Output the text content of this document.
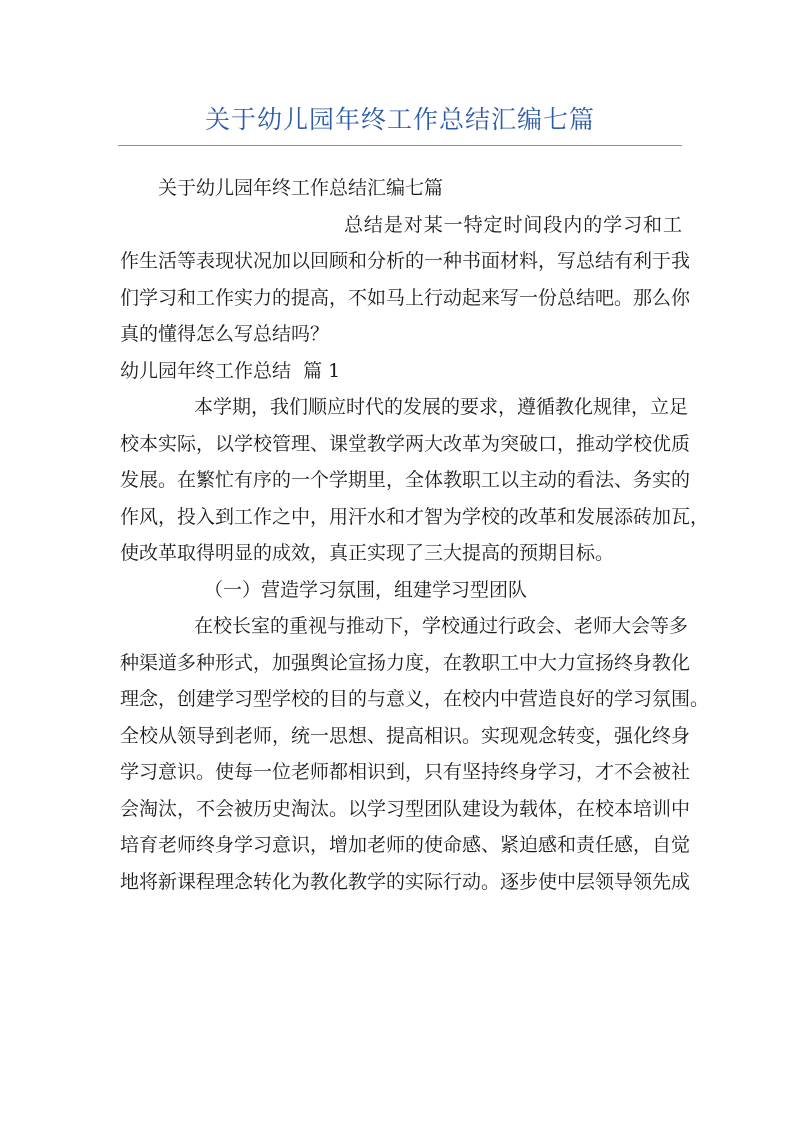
关于幼儿园年终工作总结汇编七篇
关于幼儿园年终工作总结汇编七篇
总结是对某一特定时间段内的学习和工
作生活等表现状况加以回顾和分析的一种书面材料，写总结有利于我
们学习和工作实力的提高，不如马上行动起来写一份总结吧。那么你
真的懂得怎么写总结吗？
幼儿园年终工作总结  篇 1
本学期，我们顺应时代的发展的要求，遵循教化规律，立足
校本实际，以学校管理、课堂教学两大改革为突破口，推动学校优质
发展。在繁忙有序的一个学期里，全体教职工以主动的看法、务实的
作风，投入到工作之中，用汗水和才智为学校的改革和发展添砖加瓦，
使改革取得明显的成效，真正实现了三大提高的预期目标。
（一）营造学习氛围，组建学习型团队
在校长室的重视与推动下，学校通过行政会、老师大会等多
种渠道多种形式，加强舆论宣扬力度，在教职工中大力宣扬终身教化
理念，创建学习型学校的目的与意义，在校内中营造良好的学习氛围。
全校从领导到老师，统一思想、提高相识。实现观念转变，强化终身
学习意识。使每一位老师都相识到，只有坚持终身学习，才不会被社
会淘汰，不会被历史淘汰。以学习型团队建设为载体，在校本培训中
培育老师终身学习意识，增加老师的使命感、紧迫感和责任感，自觉
地将新课程理念转化为教化教学的实际行动。逐步使中层领导领先成
